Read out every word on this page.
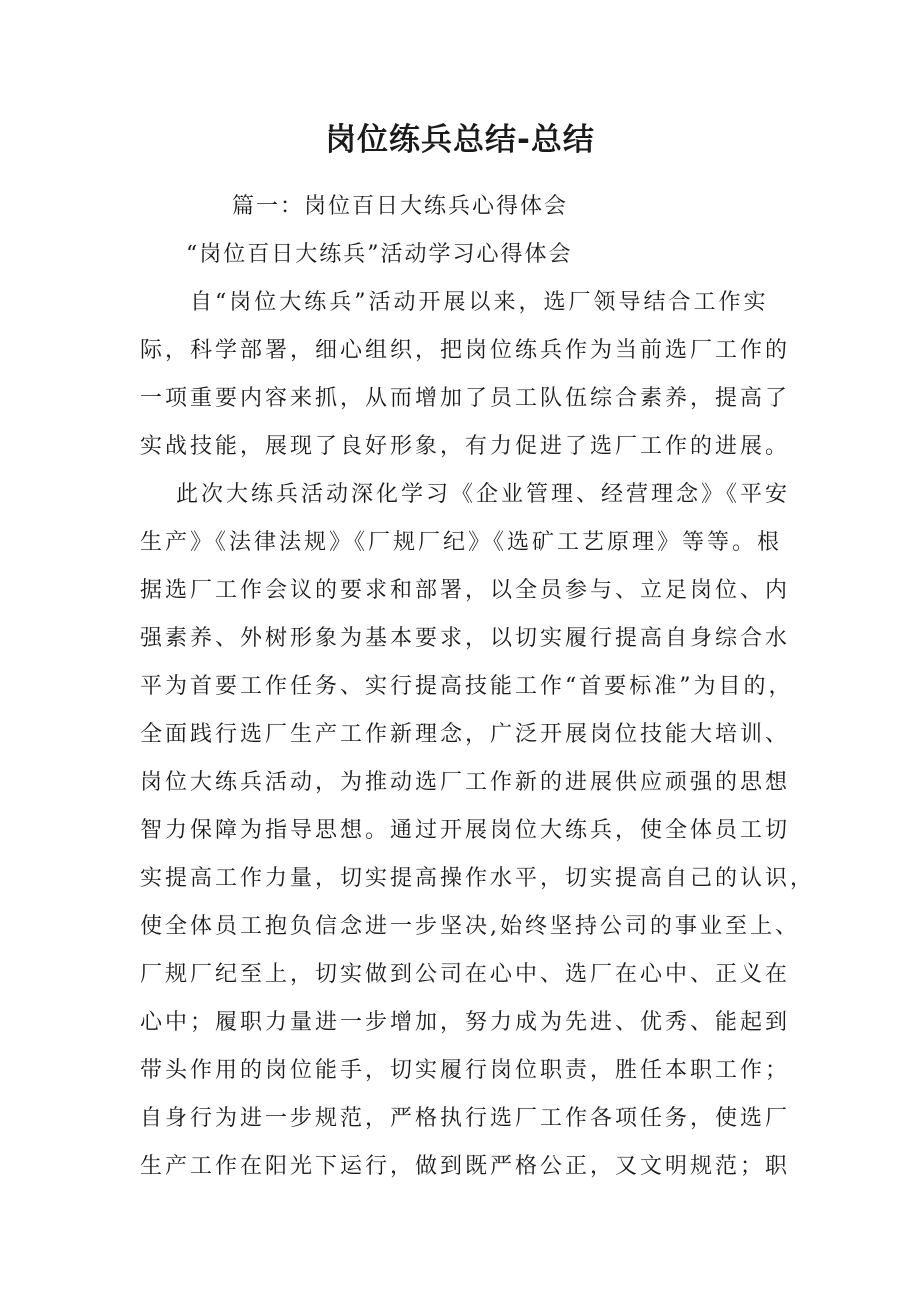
岗位练兵总结-总结
篇一：岗位百日大练兵心得体会
“岗位百日大练兵”活动学习心得体会
自“岗位大练兵”活动开展以来，选厂领导结合工作实
际，科学部署，细心组织，把岗位练兵作为当前选厂工作的
一项重要内容来抓，从而增加了员工队伍综合素养，提高了
实战技能，展现了良好形象，有力促进了选厂工作的进展。
此次大练兵活动深化学习《企业管理、经营理念》《平安
生产》《法律法规》《厂规厂纪》《选矿工艺原理》等等。根
据选厂工作会议的要求和部署，以全员参与、立足岗位、内
强素养、外树形象为基本要求，以切实履行提高自身综合水
平为首要工作任务、实行提高技能工作“首要标准”为目的，
全面践行选厂生产工作新理念，广泛开展岗位技能大培训、
岗位大练兵活动，为推动选厂工作新的进展供应顽强的思想
智力保障为指导思想。通过开展岗位大练兵，使全体员工切
实提高工作力量，切实提高操作水平，切实提高自己的认识，
使全体员工抱负信念进一步坚决,始终坚持公司的事业至上、
厂规厂纪至上，切实做到公司在心中、选厂在心中、正义在
心中；履职力量进一步增加，努力成为先进、优秀、能起到
带头作用的岗位能手，切实履行岗位职责，胜任本职工作；
自身行为进一步规范，严格执行选厂工作各项任务，使选厂
生产工作在阳光下运行，做到既严格公正，又文明规范；职
